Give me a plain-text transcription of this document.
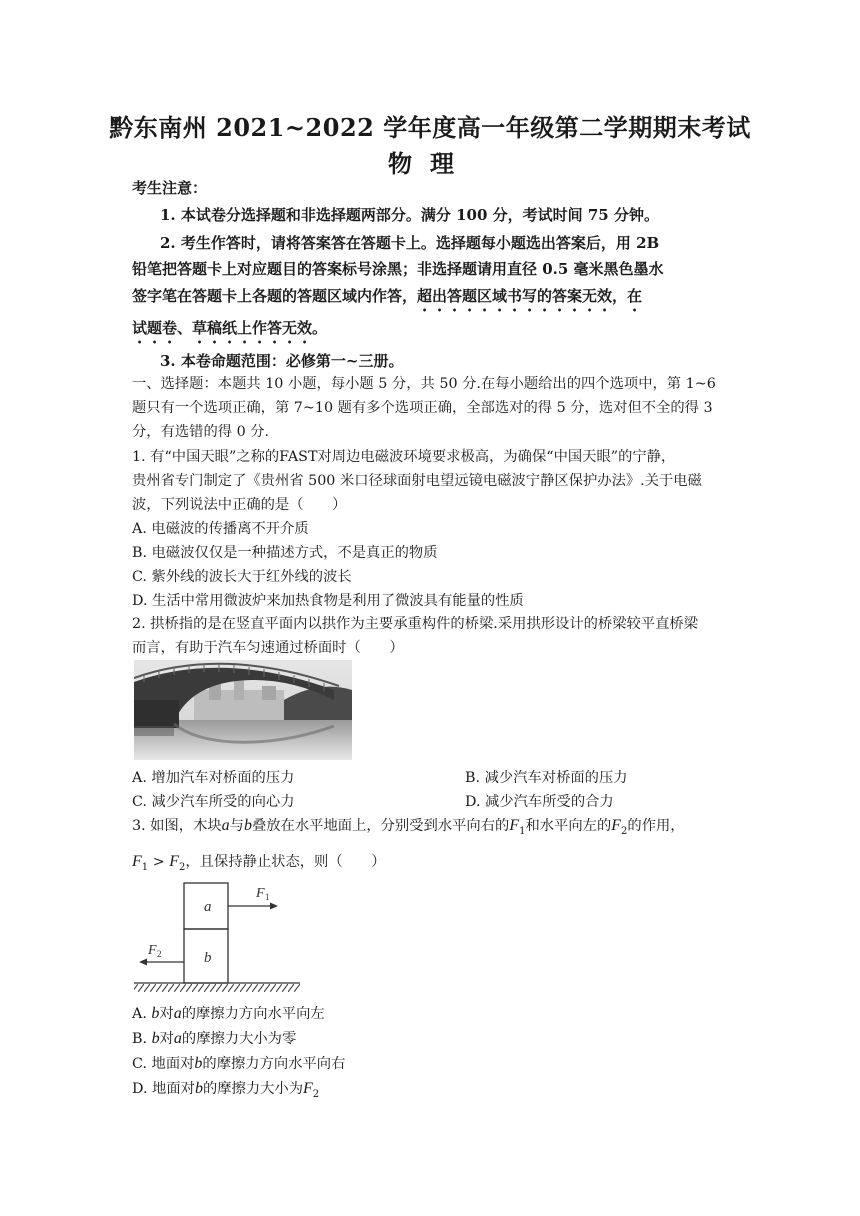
黔东南州 2021~2022 学年度高一年级第二学期期末考试
物理
考生注意：
1. 本试卷分选择题和非选择题两部分。满分 100 分，考试时间 75 分钟。
2. 考生作答时，请将答案答在答题卡上。选择题每小题选出答案后，用 2B
铅笔把答题卡上对应题目的答案标号涂黑；非选择题请用直径 0.5 毫米黑色墨水
签字笔在答题卡上各题的答题区域内作答，超出答题区域书写的答案无效，在
试题卷、草稿纸上作答无效。
3. 本卷命题范围：必修第一~三册。
一、选择题：本题共 10 小题，每小题 5 分，共 50 分.在每小题给出的四个选项中，第 1~6
题只有一个选项正确，第 7~10 题有多个选项正确，全部选对的得 5 分，选对但不全的得 3
分，有选错的得 0 分.
1. 有“中国天眼”之称的FAST对周边电磁波环境要求极高，为确保“中国天眼”的宁静，
贵州省专门制定了《贵州省 500 米口径球面射电望远镜电磁波宁静区保护办法》.关于电磁
波，下列说法中正确的是（　　）
A. 电磁波的传播离不开介质
B. 电磁波仅仅是一种描述方式，不是真正的物质
C. 紫外线的波长大于红外线的波长
D. 生活中常用微波炉来加热食物是利用了微波具有能量的性质
2. 拱桥指的是在竖直平面内以拱作为主要承重构件的桥梁.采用拱形设计的桥梁较平直桥梁
而言，有助于汽车匀速通过桥面时（　　）
A. 增加汽车对桥面的压力	B. 减少汽车对桥面的压力
C. 减少汽车所受的向心力	D. 减少汽车所受的合力
3. 如图，木块a与b叠放在水平地面上，分别受到水平向右的$F_1$和水平向左的$F_2$的作用，
$F_1 > F_2$，且保持静止状态，则（　　）
a
b
F 1
F 2
A. b对a的摩擦力方向水平向左
B. b对a的摩擦力大小为零
C. 地面对b的摩擦力方向水平向右
D. 地面对b的摩擦力大小为$F_2$
